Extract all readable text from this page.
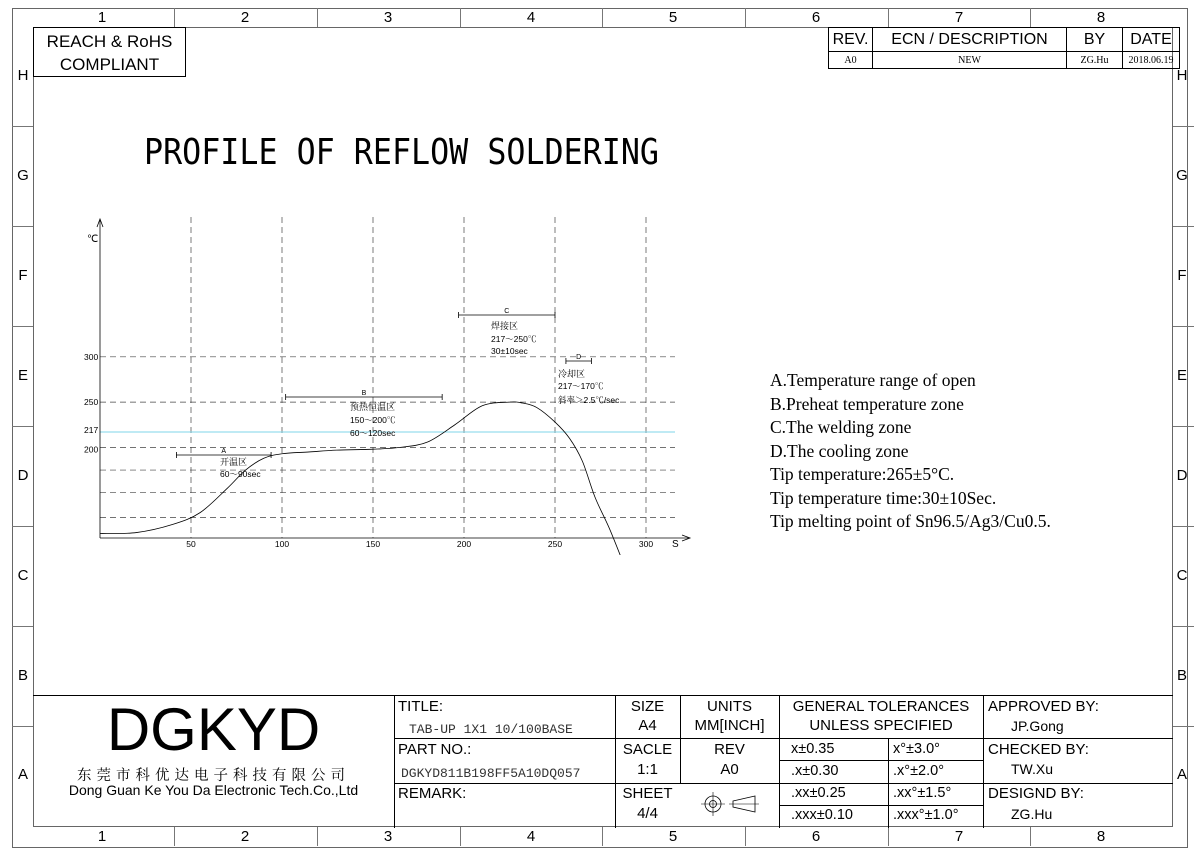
1
1
2
2
3
3
4
4
5
5
6
6
7
7
8
8
H	H
G	G
F	F
E	E
D	D
C	C
B	B
A	A
REACH & RoHS
COMPLIANT
REV.	ECN / DESCRIPTION	BY	DATE
A0	NEW	ZG.Hu	2018.06.19
PROFILE OF REFLOW SOLDERING
℃
S
50	100	150	200	250	300
200
217
250
300
A
B
C
D
开温区
60～90sec
预热恒温区
150～200℃
60～120sec
焊接区
217～250℃
30±10sec
冷却区
217～170℃
斜率＞2.5℃/sec
A.Temperature range of open
B.Preheat temperature zone
C.The welding zone
D.The cooling zone
Tip temperature:265±5°C.
Tip temperature time:30±10Sec.
Tip melting point of Sn96.5/Ag3/Cu0.5.
DGKYD
东莞市科优达电子科技有限公司
Dong Guan Ke You Da Electronic Tech.Co.,Ltd
TITLE:
TAB-UP 1X1 10/100BASE
PART NO.:
DGKYD811B198FF5A10DQ057
REMARK:
SIZE
A4
SACLE
1:1
SHEET
4/4
UNITS
MM[INCH]
REV
A0
GENERAL TOLERANCES
UNLESS SPECIFIED
x±0.35	x°±3.0°
.x±0.30	.x°±2.0°
.xx±0.25	.xx°±1.5°
.xxx±0.10	.xxx°±1.0°
APPROVED BY:
JP.Gong
CHECKED BY:
TW.Xu
DESIGND BY:
ZG.Hu
